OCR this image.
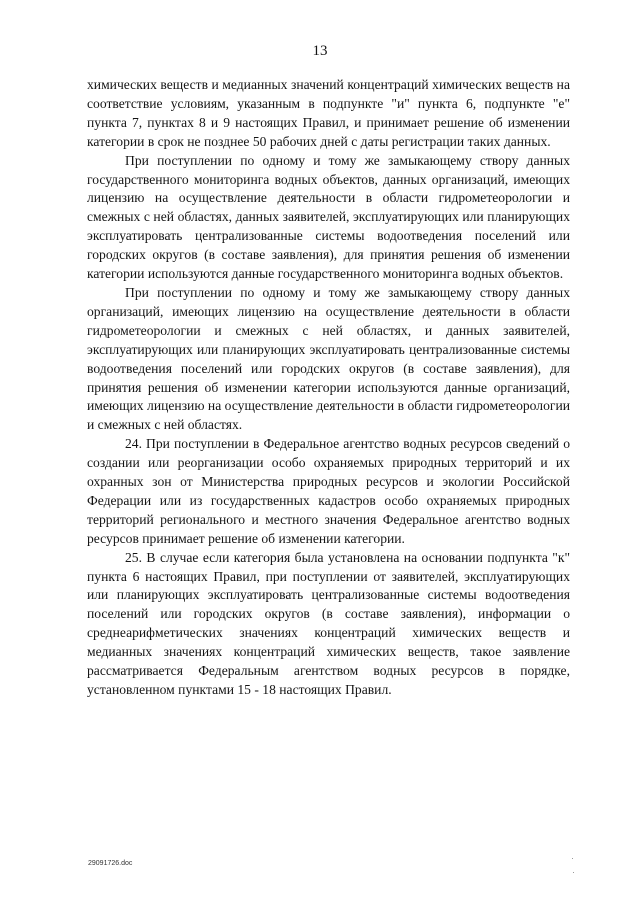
13

химических веществ и медианных значений концентраций химических веществ на соответствие условиям, указанным в подпункте "и" пункта 6, подпункте "е" пункта 7, пунктах 8 и 9 настоящих Правил, и принимает решение об изменении категории в срок не позднее 50 рабочих дней с даты регистрации таких данных.

При поступлении по одному и тому же замыкающему створу данных государственного мониторинга водных объектов, данных организаций, имеющих лицензию на осуществление деятельности в области гидрометеорологии и смежных с ней областях, данных заявителей, эксплуатирующих или планирующих эксплуатировать централизованные системы водоотведения поселений или городских округов (в составе заявления), для принятия решения об изменении категории используются данные государственного мониторинга водных объектов.

При поступлении по одному и тому же замыкающему створу данных организаций, имеющих лицензию на осуществление деятельности в области гидрометеорологии и смежных с ней областях, и данных заявителей, эксплуатирующих или планирующих эксплуатировать централизованные системы водоотведения поселений или городских округов (в составе заявления), для принятия решения об изменении категории используются данные организаций, имеющих лицензию на осуществление деятельности в области гидрометеорологии и смежных с ней областях.

24. При поступлении в Федеральное агентство водных ресурсов сведений о создании или реорганизации особо охраняемых природных территорий и их охранных зон от Министерства природных ресурсов и экологии Российской Федерации или из государственных кадастров особо охраняемых природных территорий регионального и местного значения Федеральное агентство водных ресурсов принимает решение об изменении категории.

25. В случае если категория была установлена на основании подпункта "к" пункта 6 настоящих Правил, при поступлении от заявителей, эксплуатирующих или планирующих эксплуатировать централизованные системы водоотведения поселений или городских округов (в составе заявления), информации о среднеарифметических значениях концентраций химических веществ и медианных значениях концентраций химических веществ, такое заявление рассматривается Федеральным агентством водных ресурсов в порядке, установленном пунктами 15 - 18 настоящих Правил.

29091726.doc
